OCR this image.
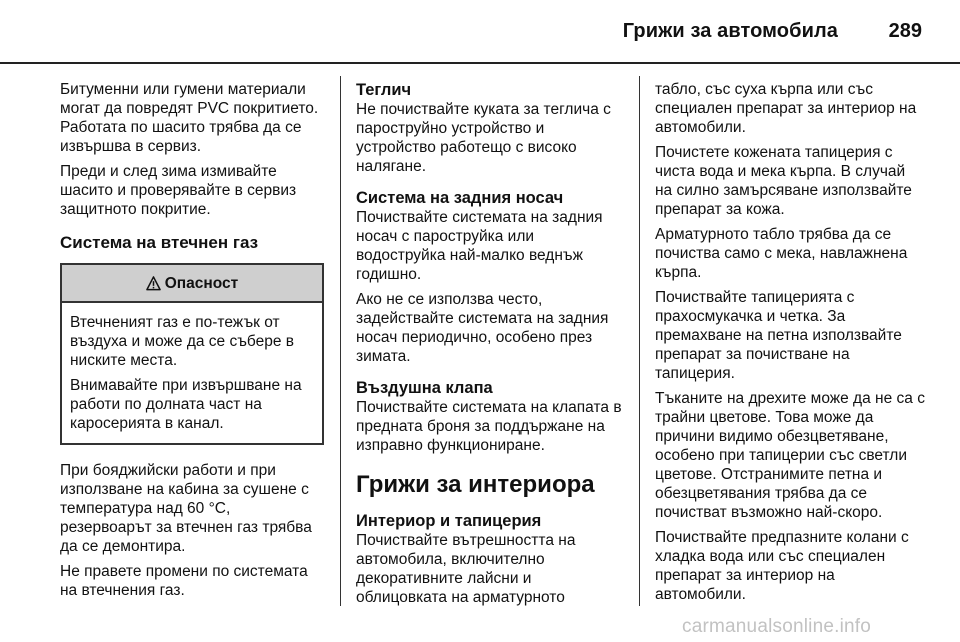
Грижи за автомобила	289

Битуменни или гумени материали могат да повредят PVC покритието. Работата по шасито трябва да се извършва в сервиз.

Преди и след зима измивайте шасито и проверявайте в сервиз защитното покритие.

Система на втечнен газ
Опасност

Втечненият газ е по-тежък от въздуха и може да се събере в ниските места.

Внимавайте при извършване на работи по долната част на каросерията в канал.

При бояджийски работи и при използване на кабина за сушене с температура над 60 °C, резервоарът за втечнен газ трябва да се демонтира.

Не правете промени по системата на втечнения газ.

Теглич

Не почиствайте куката за теглича с пароструйно устройство и устройство работещо с високо налягане.

Система на задния носач

Почиствайте системата на задния носач с пароструйка или водоструйка най-малко веднъж годишно.

Ако не се използва често, задейcтвайте системата на задния носач периодично, особено през зимата.

Въздушна клапа

Почиствайте системата на клапата в предната броня за поддържане на изправно функциониране.

Грижи за интериора
Интериор и тапицерия

Почиствайте вътрешността на автомобила, включително декоративните лайсни и облицовката на арматурното

табло, със суха кърпа или със специален препарат за интериор на автомобили.

Почистете кожената тапицерия с чиста вода и мека кърпа. В случай на силно замърсяване използвайте препарат за кожа.

Арматурното табло трябва да се почиства само с мека, навлажнена кърпа.

Почиствайте тапицерията с прахосмукачка и четка. За премахване на петна използвайте препарат за почистване на тапицерия.

Тъканите на дрехите може да не са с трайни цветове. Това може да причини видимо обезцветяване, особено при тапицерии със светли цветове. Отстранимите петна и обезцветявания трябва да се почистват възможно най-скоро.

Почиствайте предпазните колани с хладка вода или със специален препарат за интериор на автомобили.

carmanualsonline.info
